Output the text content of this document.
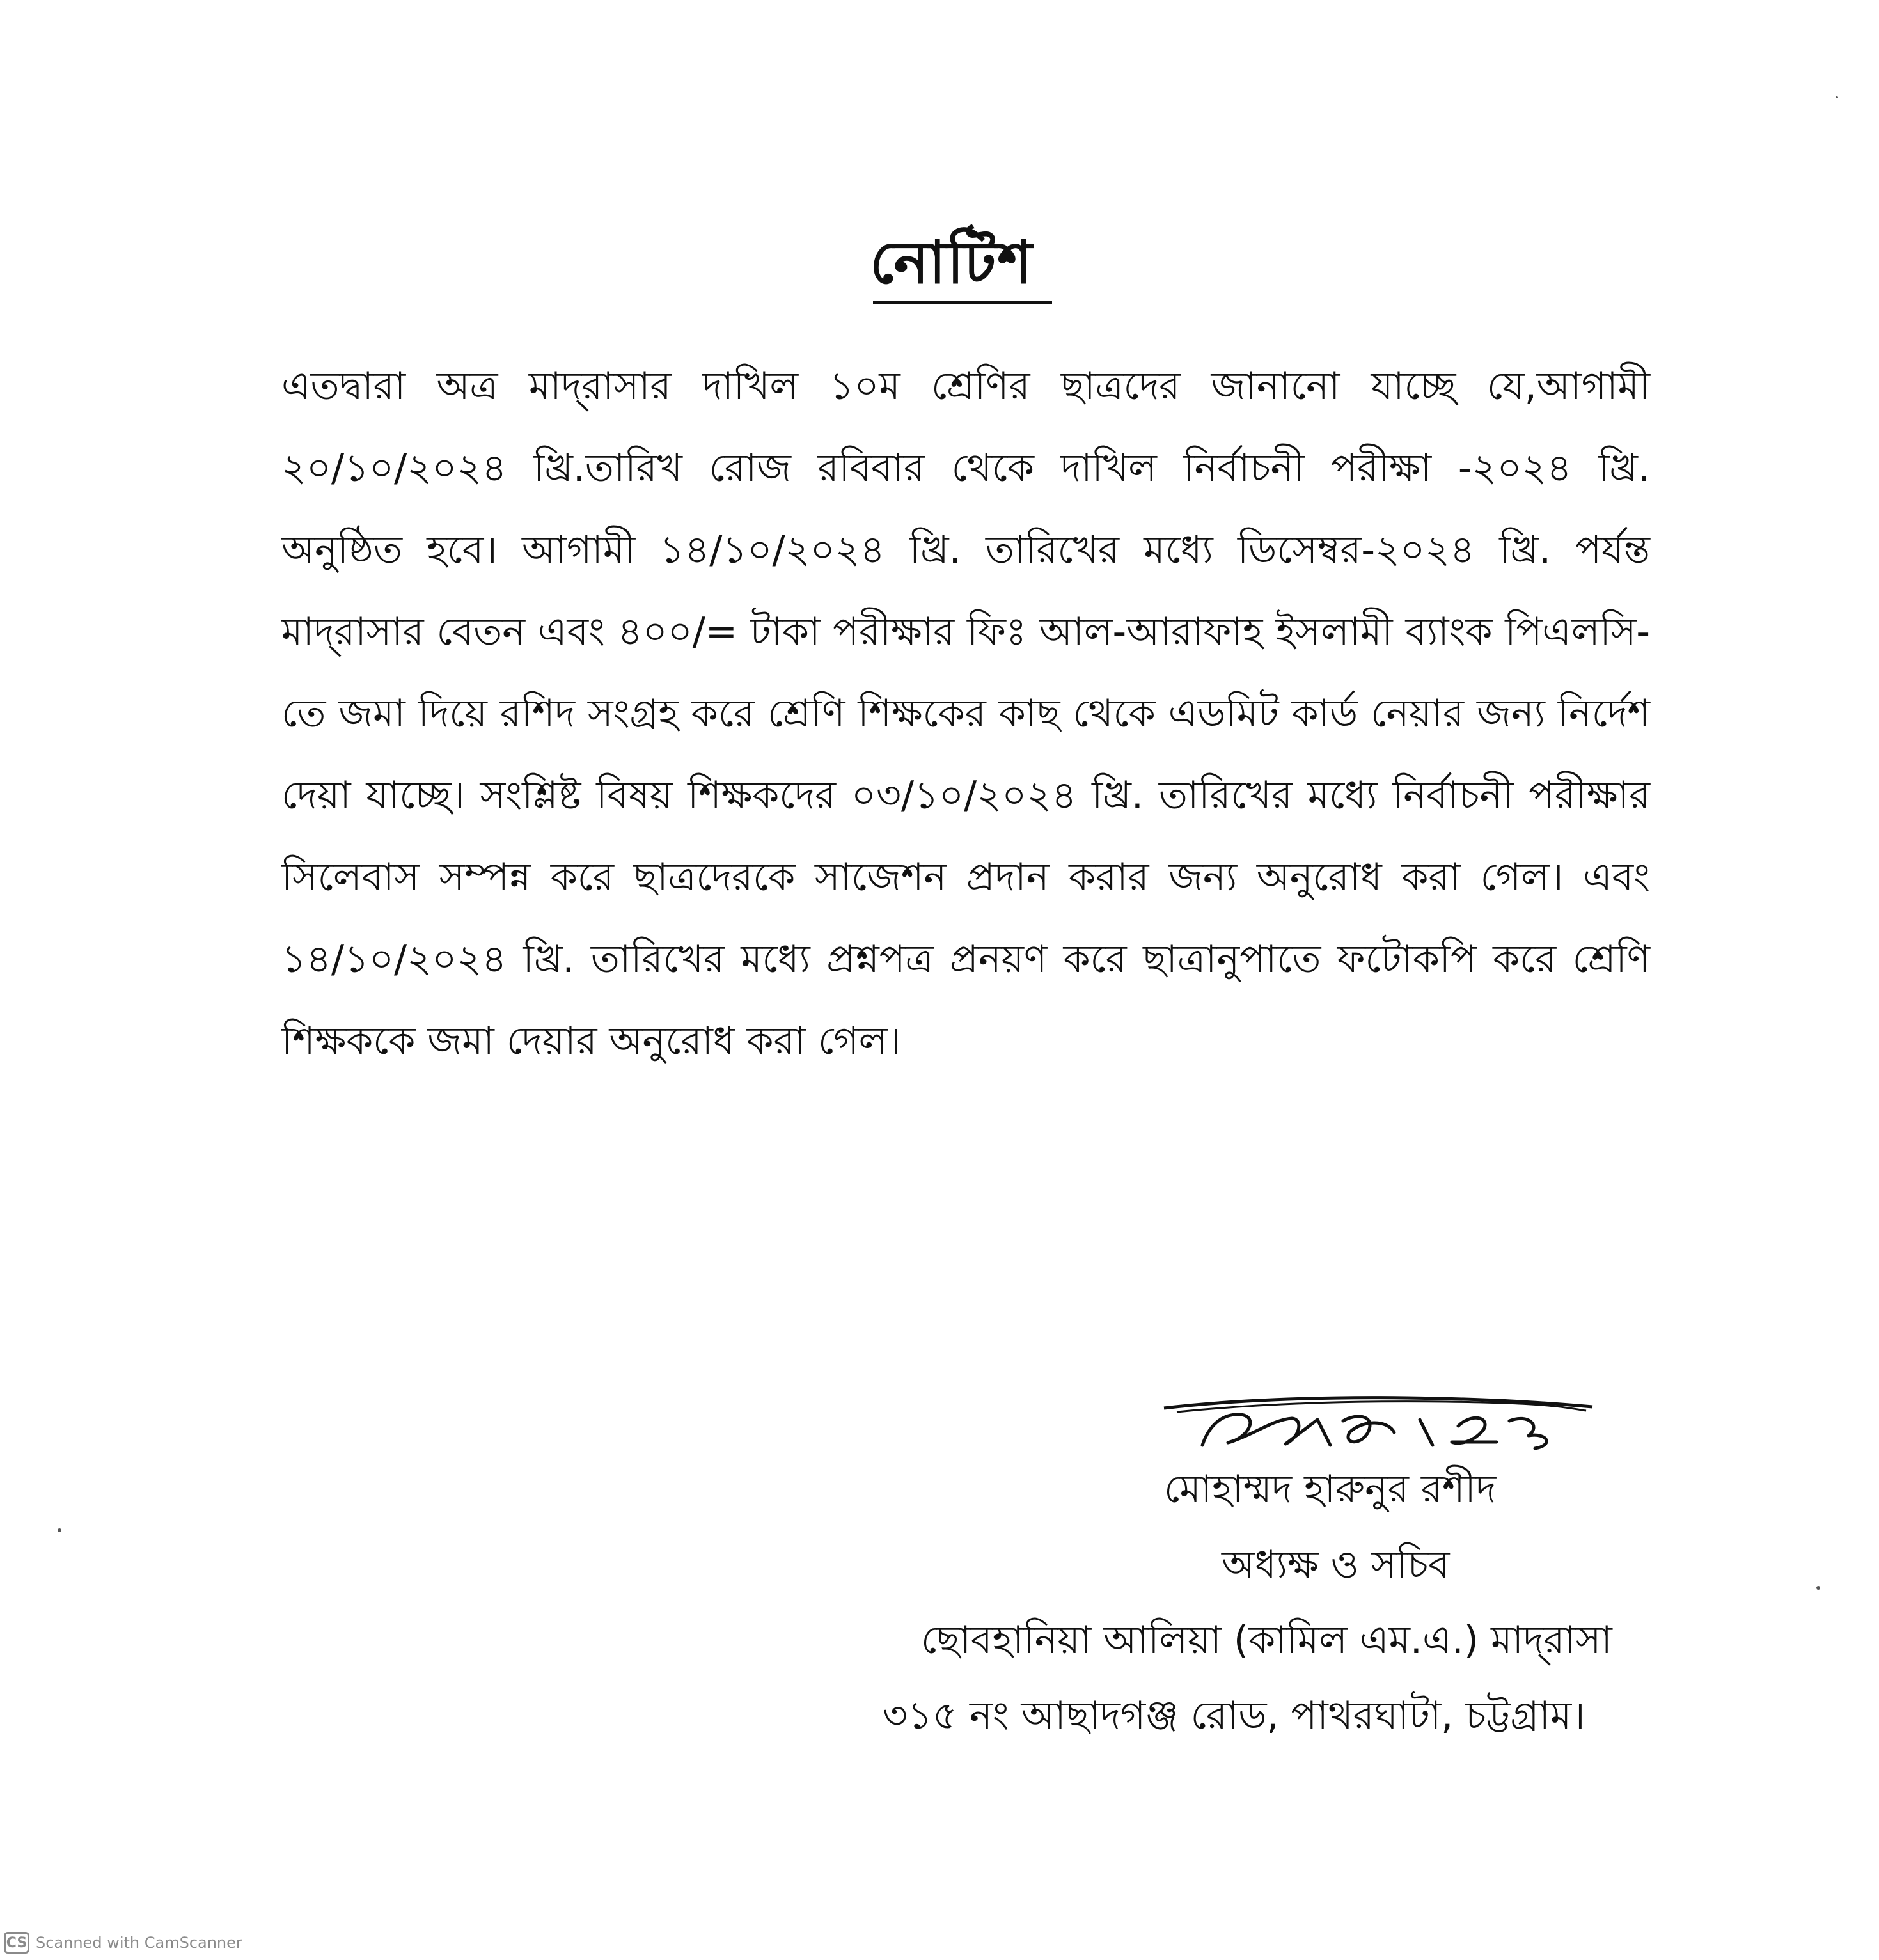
নোটিশ
এতদ্বারা অত্র মাদ্‌রাসার দাখিল ১০ম শ্রেণির ছাত্রদের জানানো যাচ্ছে যে,আগামী ২০/১০/২০২৪ খ্রি.তারিখ রোজ রবিবার থেকে দাখিল নির্বাচনী পরীক্ষা -২০২৪ খ্রি. অনুষ্ঠিত হবে। আগামী ১৪/১০/২০২৪ খ্রি. তারিখের মধ্যে ডিসেম্বর-২০২৪ খ্রি. পর্যন্ত মাদ্‌রাসার বেতন এবং ৪০০/= টাকা পরীক্ষার ফিঃ আল-আরাফাহ ইসলামী ব্যাংক পিএলসি-তে জমা দিয়ে রশিদ সংগ্রহ করে শ্রেণি শিক্ষকের কাছ থেকে এডমিট কার্ড নেয়ার জন্য নির্দেশ দেয়া যাচ্ছে। সংশ্লিষ্ট বিষয় শিক্ষকদের ০৩/১০/২০২৪ খ্রি. তারিখের মধ্যে নির্বাচনী পরীক্ষার সিলেবাস সম্পন্ন করে ছাত্রদেরকে সাজেশন প্রদান করার জন্য অনুরোধ করা গেল। এবং ১৪/১০/২০২৪ খ্রি. তারিখের মধ্যে প্রশ্নপত্র প্রনয়ণ করে ছাত্রানুপাতে ফটোকপি করে শ্রেণি শিক্ষককে জমা দেয়ার অনুরোধ করা গেল।
মোহাম্মদ হারুনুর রশীদ
অধ্যক্ষ ও সচিব
ছোবহানিয়া আলিয়া (কামিল এম.এ.) মাদ্‌রাসা
৩১৫ নং আছাদগঞ্জ রোড, পাথরঘাটা, চট্টগ্রাম।
CS Scanned with CamScanner
